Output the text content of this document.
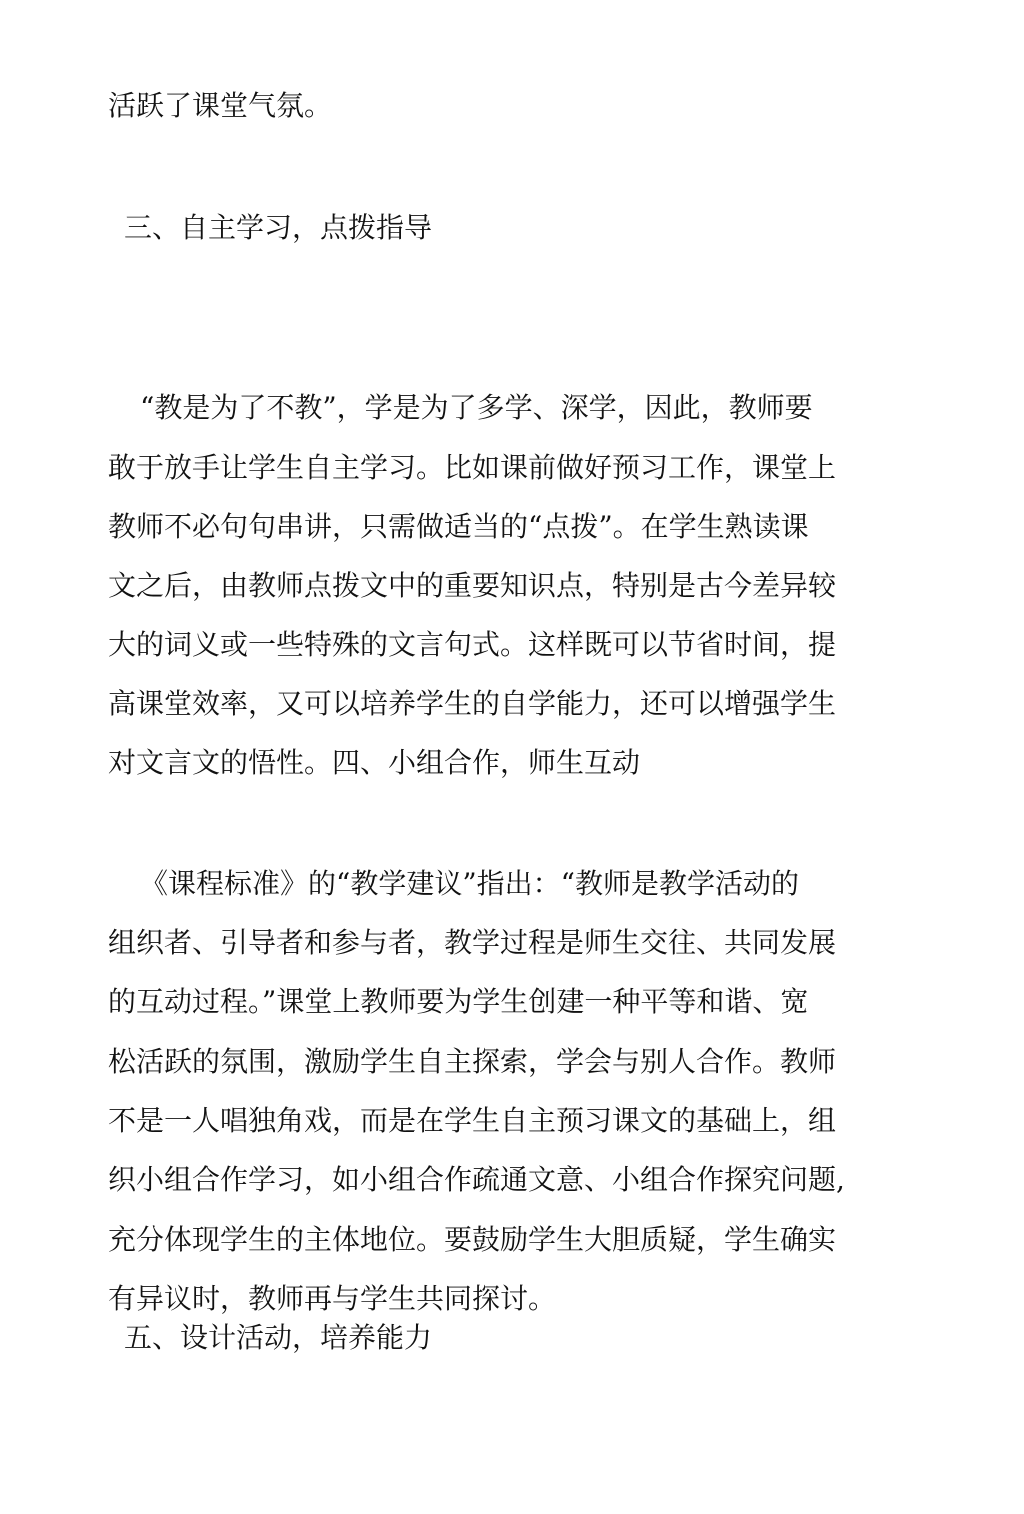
活跃了课堂气氛。
三、自主学习，点拨指导
“教是为了不教”，学是为了多学、深学，因此，教师要
敢于放手让学生自主学习。比如课前做好预习工作，课堂上
教师不必句句串讲，只需做适当的“点拨”。在学生熟读课
文之后，由教师点拨文中的重要知识点，特别是古今差异较
大的词义或一些特殊的文言句式。这样既可以节省时间，提
高课堂效率，又可以培养学生的自学能力，还可以增强学生
对文言文的悟性。四、小组合作，师生互动
《课程标准》的“教学建议”指出：“教师是教学活动的
组织者、引导者和参与者，教学过程是师生交往、共同发展
的互动过程。”课堂上教师要为学生创建一种平等和谐、宽
松活跃的氛围，激励学生自主探索，学会与别人合作。教师
不是一人唱独角戏，而是在学生自主预习课文的基础上，组
织小组合作学习，如小组合作疏通文意、小组合作探究问题,
充分体现学生的主体地位。要鼓励学生大胆质疑，学生确实
有异议时，教师再与学生共同探讨。
五、设计活动，培养能力
